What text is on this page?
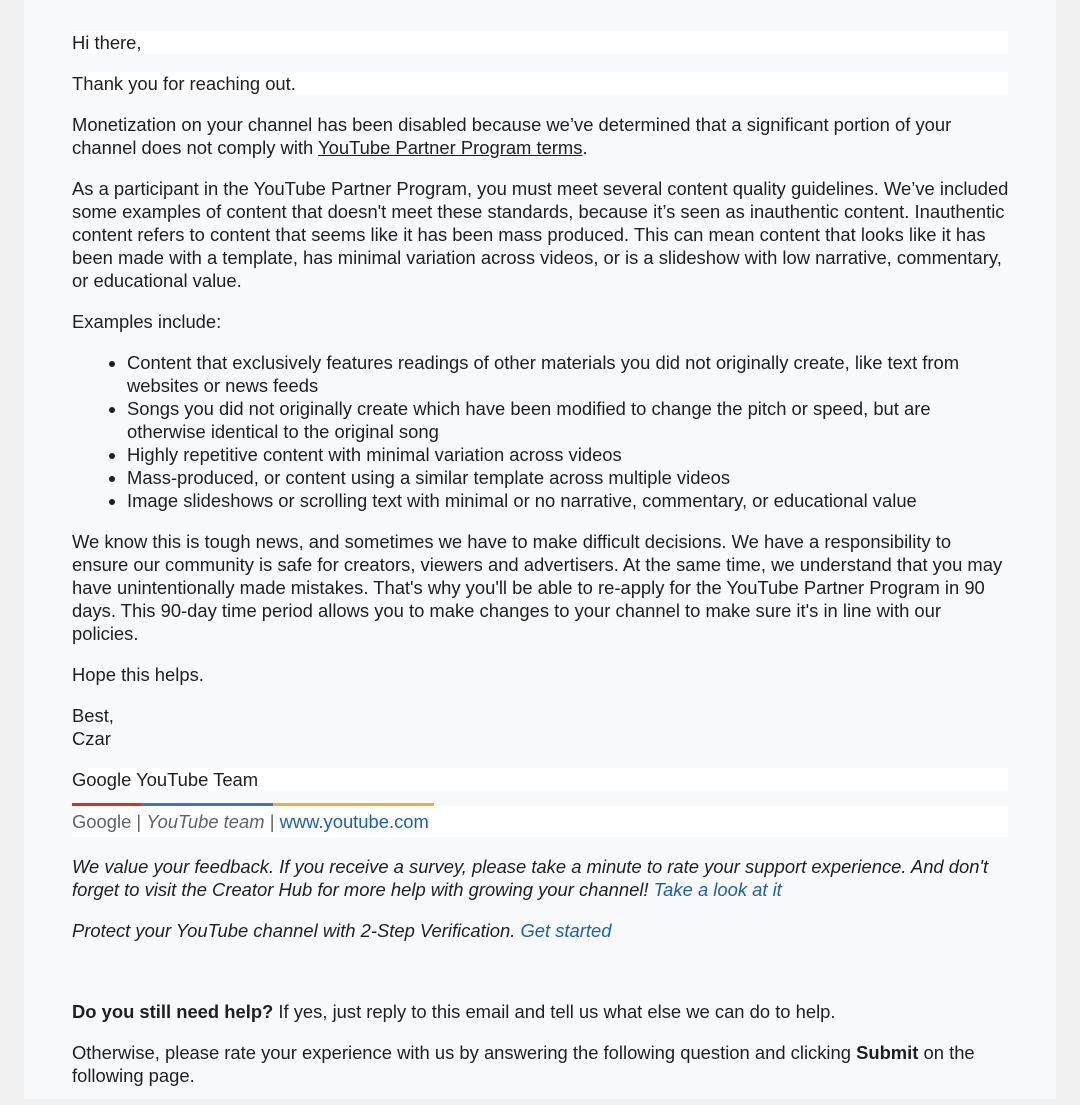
Hi there,

Thank you for reaching out.

Monetization on your channel has been disabled because we’ve determined that a significant portion of your channel does not comply with YouTube Partner Program terms.

As a participant in the YouTube Partner Program, you must meet several content quality guidelines. We’ve included some examples of content that doesn't meet these standards, because it’s seen as inauthentic content. Inauthentic content refers to content that seems like it has been mass produced. This can mean content that looks like it has been made with a template, has minimal variation across videos, or is a slideshow with low narrative, commentary, or educational value.

Examples include:

• Content that exclusively features readings of other materials you did not originally create, like text from websites or news feeds
• Songs you did not originally create which have been modified to change the pitch or speed, but are otherwise identical to the original song
• Highly repetitive content with minimal variation across videos
• Mass-produced, or content using a similar template across multiple videos
• Image slideshows or scrolling text with minimal or no narrative, commentary, or educational value

We know this is tough news, and sometimes we have to make difficult decisions. We have a responsibility to ensure our community is safe for creators, viewers and advertisers. At the same time, we understand that you may have unintentionally made mistakes. That's why you'll be able to re-apply for the YouTube Partner Program in 90 days. This 90-day time period allows you to make changes to your channel to make sure it's in line with our policies.

Hope this helps.

Best,
Czar

Google YouTube Team
Google | YouTube team | www.youtube.com

We value your feedback. If you receive a survey, please take a minute to rate your support experience. And don't forget to visit the Creator Hub for more help with growing your channel! Take a look at it

Protect your YouTube channel with 2-Step Verification. Get started

Do you still need help? If yes, just reply to this email and tell us what else we can do to help.

Otherwise, please rate your experience with us by answering the following question and clicking Submit on the following page.
